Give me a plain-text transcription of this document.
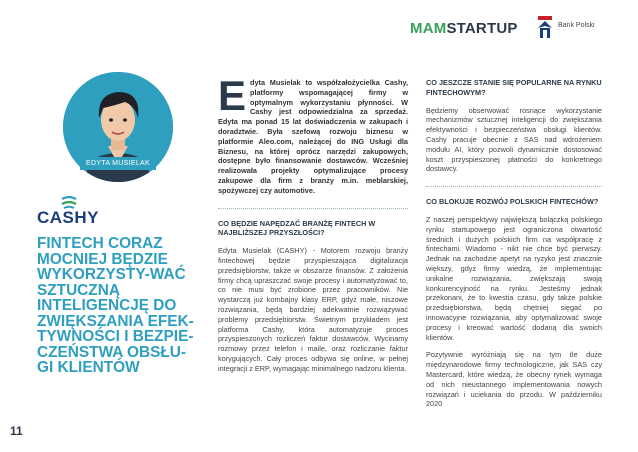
MAMSTARTUP	Bank Polski
EDYTA MUSIELAK
CASHY
FINTECH CORAZ MOCNIEJ BĘDZIE WYKORZYSTY-WAĆ SZTUCZNĄ INTELIGENCJĘ DO ZWIĘKSZANIA EFEK-TYWNOŚCI I BEZPIE-CZEŃSTWA OBSŁU-GI KLIENTÓW
11

Edyta Musielak to współzałożycielka Cashy, platformy wspomagającej firmy w optymalnym wykorzystaniu płynności. W Cashy jest odpowiedzialna za sprzedaż. Edyta ma ponad 15 lat doświadczenia w zakupach i doradztwie. Była szefową rozwoju biznesu w platformie Aleo.com, należącej do ING Usługi dla Biznesu, na której oprócz narzędzi zakupowych, dostępne było finansowanie dostawców. Wcześniej realizowała projekty optymalizujące procesy zakupowe dla firm z branży m.in. meblarskiej, spożywczej czy automotive.

CO BĘDZIE NAPĘDZAĆ BRANŻĘ FINTECH W NAJBLIŻSZEJ PRZYSZŁOŚCI?

Edyta Musielak (CASHY) - Motorem rozwoju branży fintechowej będzie przyspieszająca digitalizacja przedsiębiorstw, także w obszarze finansów. Z założenia firmy chcą upraszczać swoje procesy i automatyzować to, co nie musi być zrobione przez pracowników. Nie wystarczą już kombajny klasy ERP, gdyż małe, niszowe rozwiązania, będą bardziej adekwatnie rozwiązywać problemy przedsiębiorstw. Świetnym przykładem jest platforma Cashy, która automatyzuje proces przyspieszonych rozliczeń faktur dostawców. Wycinamy rozmowy przez telefon i maile, oraz rozliczanie faktur korygujących. Cały proces odbywa się online, w pełnej integracji z ERP, wymagając minimalnego nadzoru klienta.

CO JESZCZE STANIE SIĘ POPULARNE NA RYNKU FINTECHOWYM?

Będziemy obserwować rosnące wykorzystanie mechanizmów sztucznej inteligencji do zwiększania efektywności i bezpieczeństwa obsługi klientów. Cashy pracuje obecnie z SAS nad wdrożeniem modułu AI, który pozwoli dynamicznie dostosować koszt przyspieszonej płatności do konkretnego dostawcy.

CO BLOKUJE ROZWÓJ POLSKICH FINTECHÓW?

Z naszej perspektywy największą bolączką polskiego rynku startupowego jest ograniczona otwartość średnich i dużych polskich firm na współpracę z fintechami. Wiadomo - nikt nie chce być pierwszy. Jednak na zachodzie apetyt na ryzyko jest znacznie większy, gdyż firmy wiedzą, że implementując unikalne rozwiązania, zwiększają swoją konkurencyjność na rynku. Jesteśmy jednak przekonani, że to kwestia czasu, gdy także polskie przedsiębiorstwa, będą chętniej sięgać po innowacyjne rozwiązania, aby optymalizować swoje procesy i kreować wartość dodaną dla swoich klientów.

Pozytywnie wyróżniają się na tym tle duże międzynarodowe firmy technologiczne, jak SAS czy Mastercard, które wiedzą, że obecny rynek wymaga od nich nieustannego implementowania nowych rozwiązań i uciekania do przodu. W październiku 2020
